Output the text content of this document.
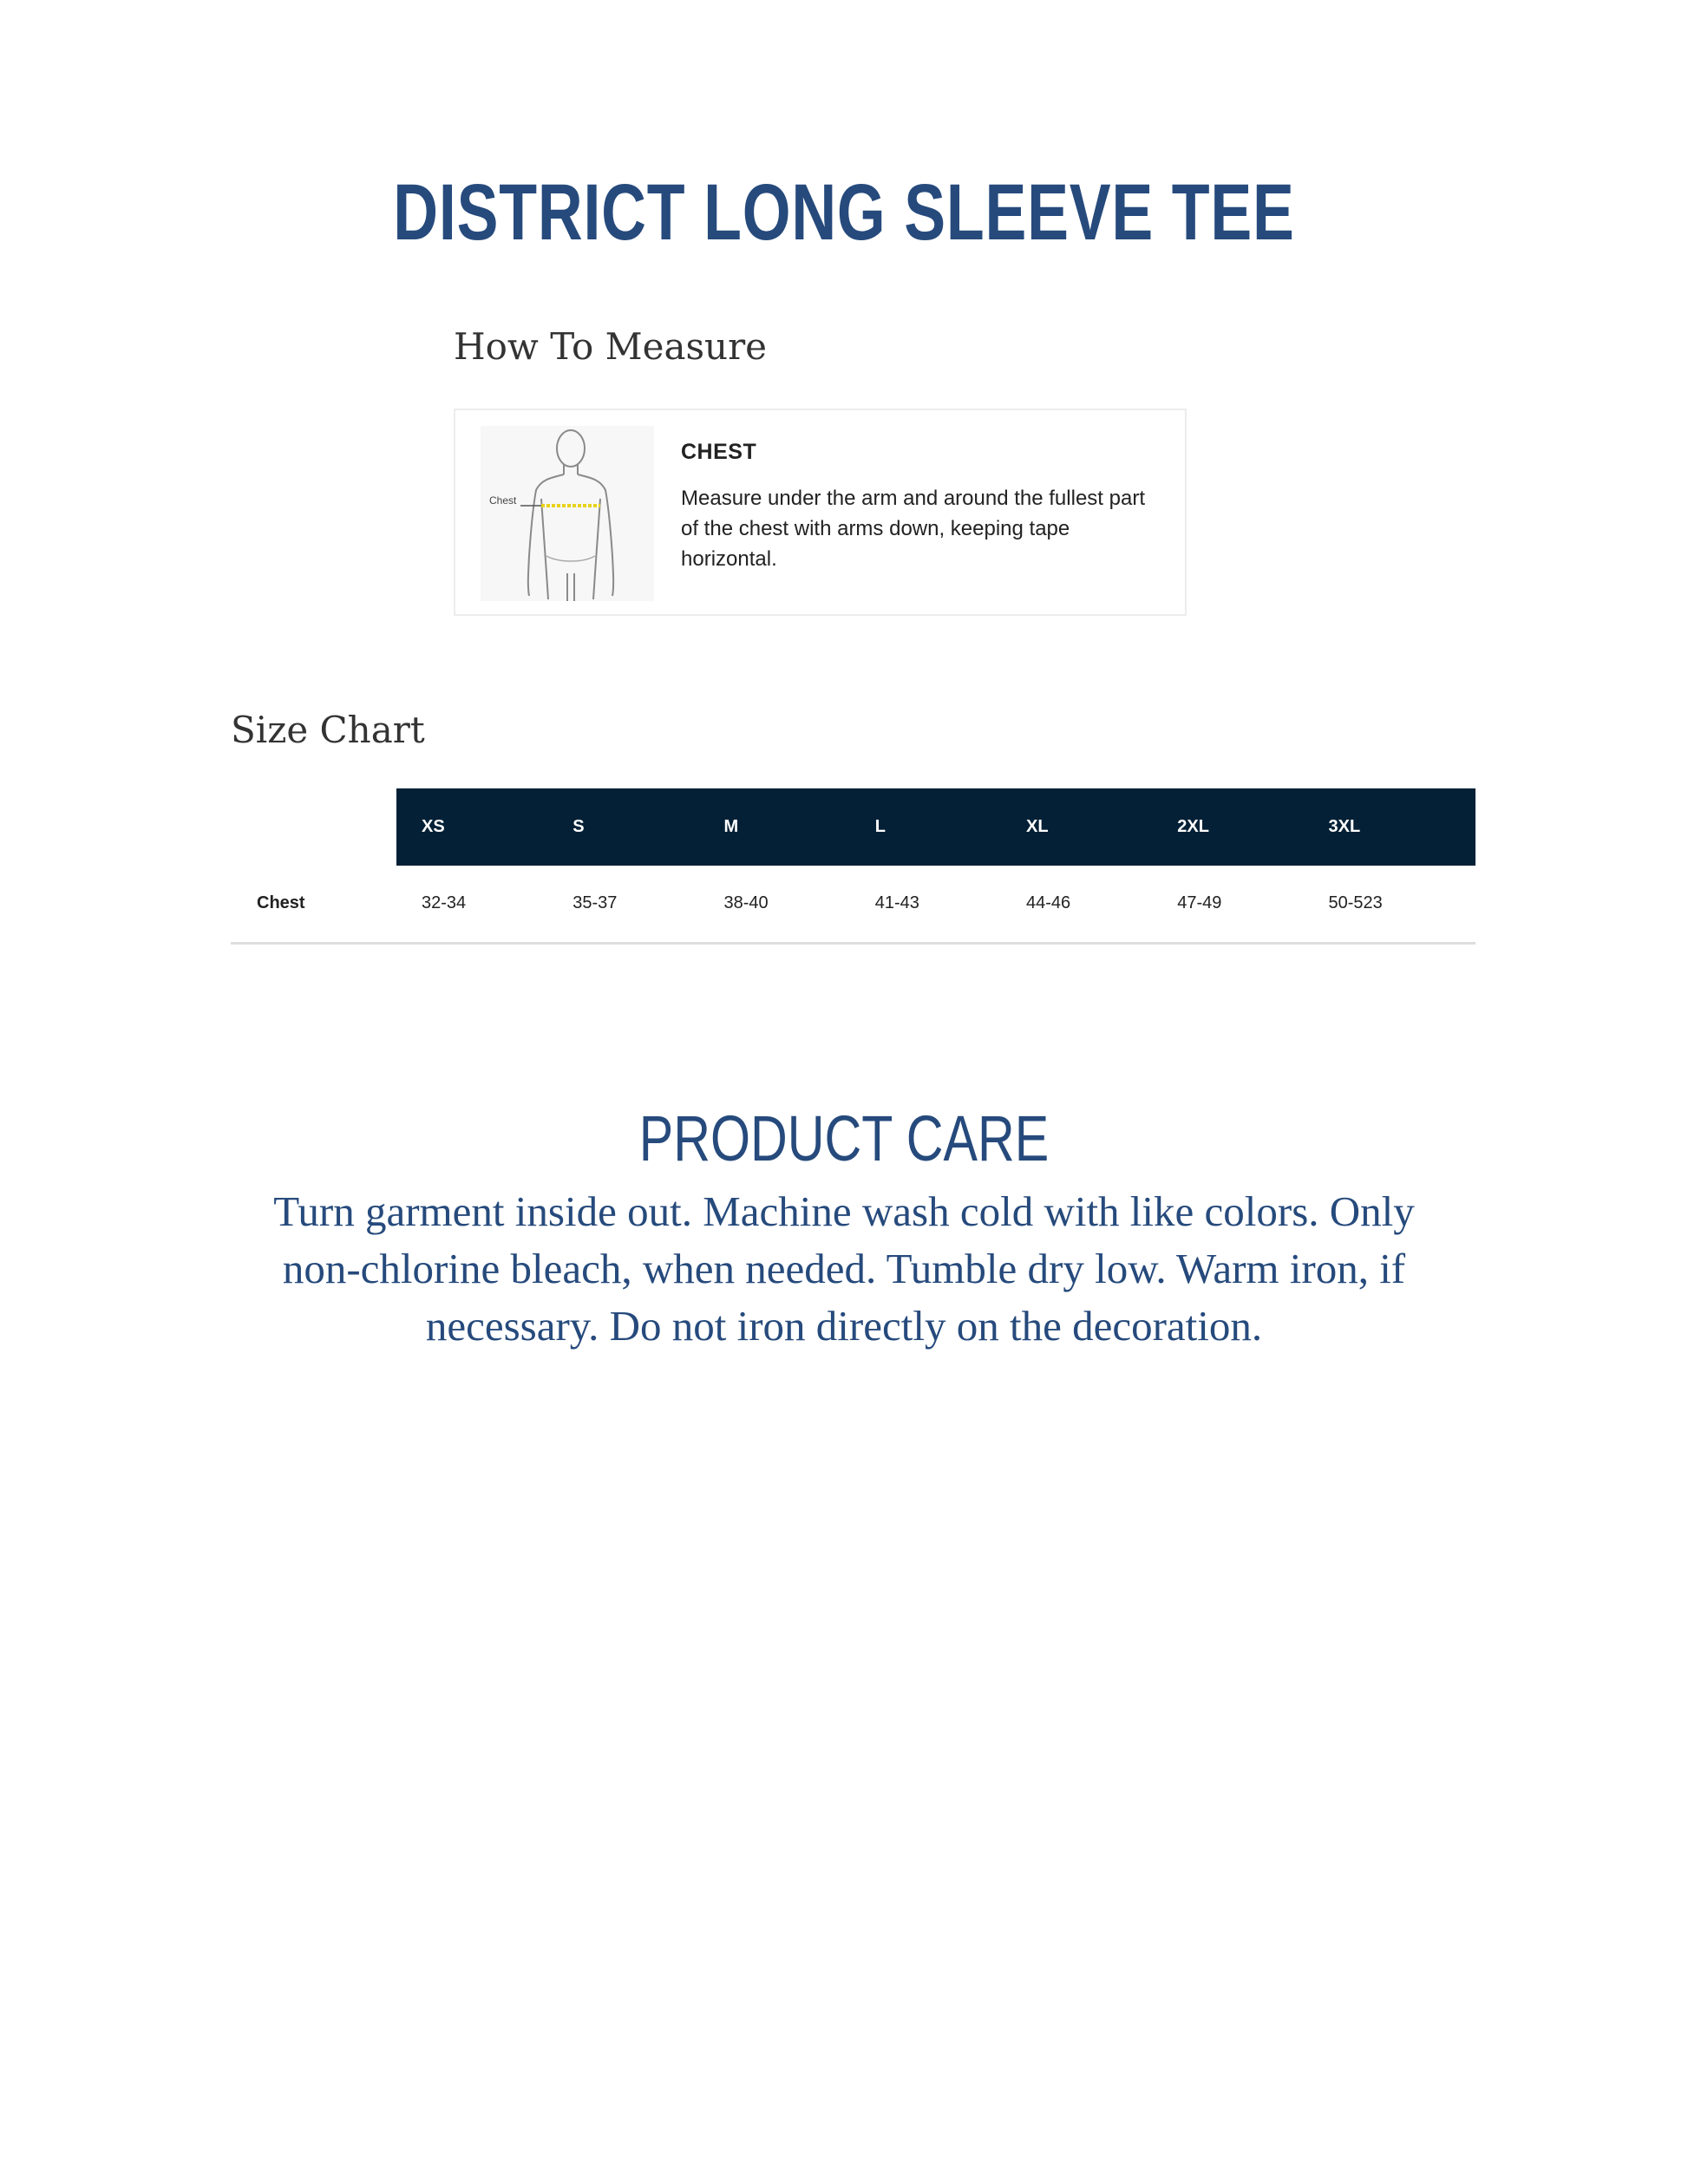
DISTRICT LONG SLEEVE TEE
How To Measure
Chest
CHEST
Measure under the arm and around the fullest part of the chest with arms down, keeping tape horizontal.
Size Chart
	XS	S	M	L	XL	2XL	3XL
Chest	32-34	35-37	38-40	41-43	44-46	47-49	50-523
PRODUCT CARE

Turn garment inside out. Machine wash cold with like colors. Only non-chlorine bleach, when needed. Tumble dry low. Warm iron, if necessary. Do not iron directly on the decoration.
